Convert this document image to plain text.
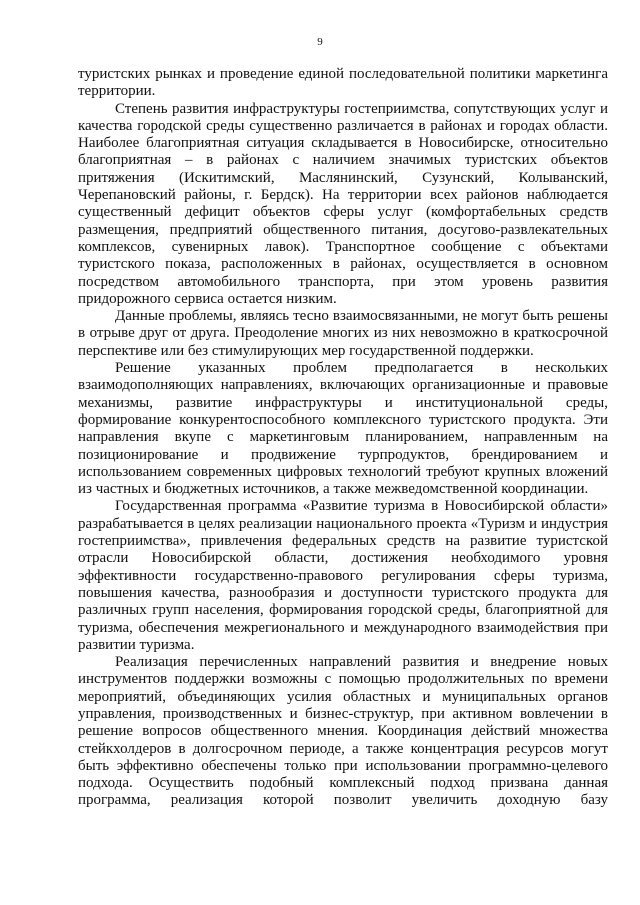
9

туристских рынках и проведение единой последовательной политики маркетинга территории.

Степень развития инфраструктуры гостеприимства, сопутствующих услуг и качества городской среды существенно различается в районах и городах области. Наиболее благоприятная ситуация складывается в Новосибирске, относительно благоприятная – в районах с наличием значимых туристских объектов притяжения (Искитимский, Маслянинский, Сузунский, Колыванский, Черепановский районы, г. Бердск). На территории всех районов наблюдается существенный дефицит объектов сферы услуг (комфортабельных средств размещения, предприятий общественного питания, досугово-развлекательных комплексов, сувенирных лавок). Транспортное сообщение с объектами туристского показа, расположенных в районах, осуществляется в основном посредством автомобильного транспорта, при этом уровень развития придорожного сервиса остается низким.

Данные проблемы, являясь тесно взаимосвязанными, не могут быть решены в отрыве друг от друга. Преодоление многих из них невозможно в краткосрочной перспективе или без стимулирующих мер государственной поддержки.

Решение указанных проблем предполагается в нескольких взаимодополняющих направлениях, включающих организационные и правовые механизмы, развитие инфраструктуры и институциональной среды, формирование конкурентоспособного комплексного туристского продукта. Эти направления вкупе с маркетинговым планированием, направленным на позиционирование и продвижение турпродуктов, брендированием и использованием современных цифровых технологий требуют крупных вложений из частных и бюджетных источников, а также межведомственной координации.

Государственная программа «Развитие туризма в Новосибирской области» разрабатывается в целях реализации национального проекта «Туризм и индустрия гостеприимства», привлечения федеральных средств на развитие туристской отрасли Новосибирской области, достижения необходимого уровня эффективности государственно-правового регулирования сферы туризма, повышения качества, разнообразия и доступности туристского продукта для различных групп населения, формирования городской среды, благоприятной для туризма, обеспечения межрегионального и международного взаимодействия при развитии туризма.

Реализация перечисленных направлений развития и внедрение новых инструментов поддержки возможны с помощью продолжительных по времени мероприятий, объединяющих усилия областных и муниципальных органов управления, производственных и бизнес-структур, при активном вовлечении в решение вопросов общественного мнения. Координация действий множества стейкхолдеров в долгосрочном периоде, а также концентрация ресурсов могут быть эффективно обеспечены только при использовании программно-целевого подхода. Осуществить подобный комплексный подход призвана данная программа, реализация которой позволит увеличить доходную базу
